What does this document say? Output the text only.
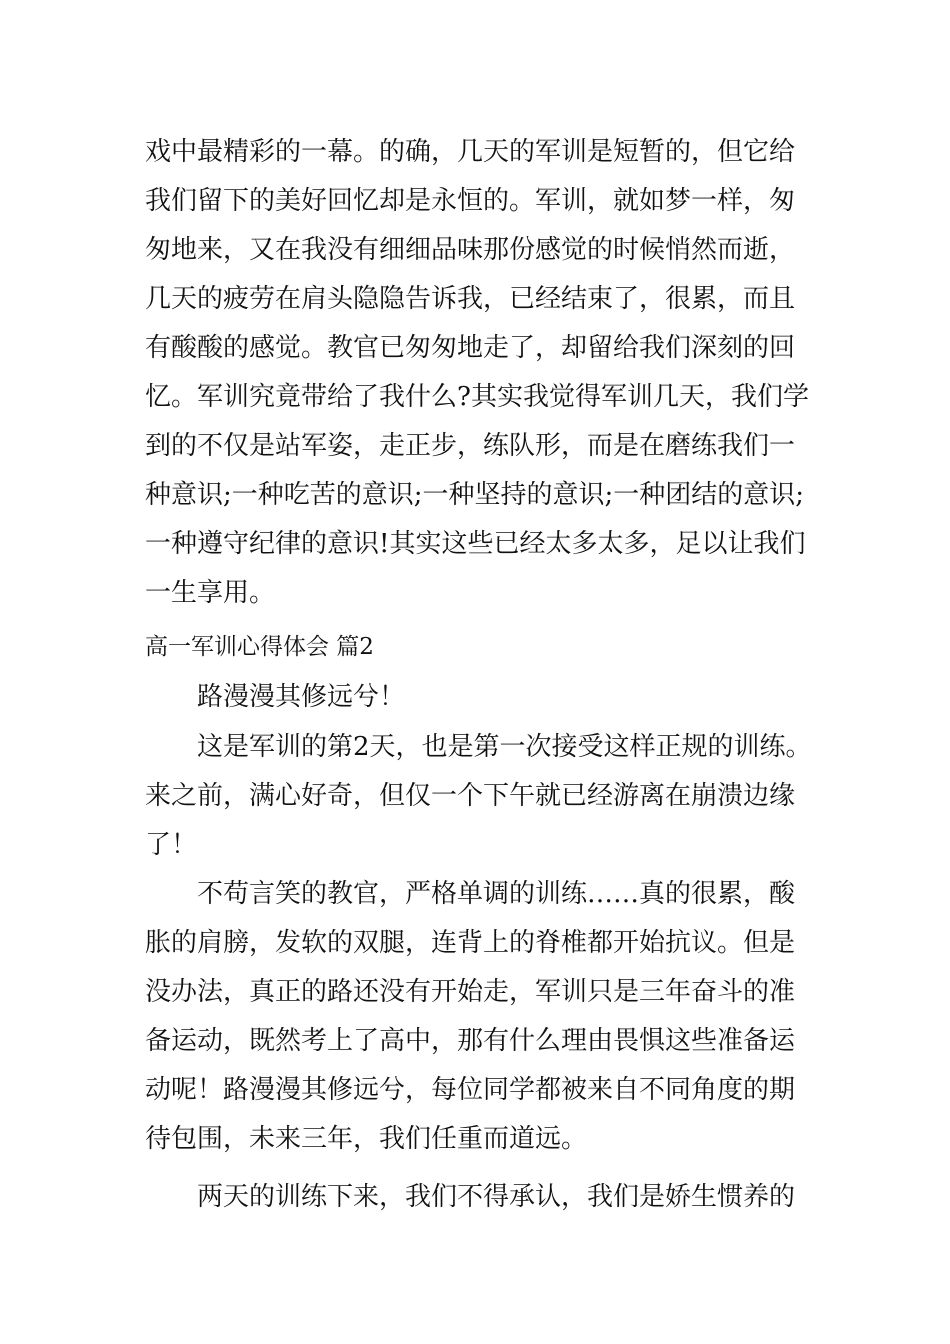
戏中最精彩的一幕。的确，几天的军训是短暂的，但它给
我们留下的美好回忆却是永恒的。军训，就如梦一样，匆
匆地来，又在我没有细细品味那份感觉的时候悄然而逝，
几天的疲劳在肩头隐隐告诉我，已经结束了，很累，而且
有酸酸的感觉。教官已匆匆地走了，却留给我们深刻的回
忆。军训究竟带给了我什么?其实我觉得军训几天，我们学
到的不仅是站军姿，走正步，练队形，而是在磨练我们一
种意识;一种吃苦的意识;一种坚持的意识;一种团结的意识;
一种遵守纪律的意识!其实这些已经太多太多，足以让我们
一生享用。
高一军训心得体会 篇2
　　路漫漫其修远兮！
　　这是军训的第2天，也是第一次接受这样正规的训练。
来之前，满心好奇，但仅一个下午就已经游离在崩溃边缘
了！
　　不苟言笑的教官，严格单调的训练……真的很累，酸
胀的肩膀，发软的双腿，连背上的脊椎都开始抗议。但是
没办法，真正的路还没有开始走，军训只是三年奋斗的准
备运动，既然考上了高中，那有什么理由畏惧这些准备运
动呢！路漫漫其修远兮，每位同学都被来自不同角度的期
待包围，未来三年，我们任重而道远。
　　两天的训练下来，我们不得承认，我们是娇生惯养的
